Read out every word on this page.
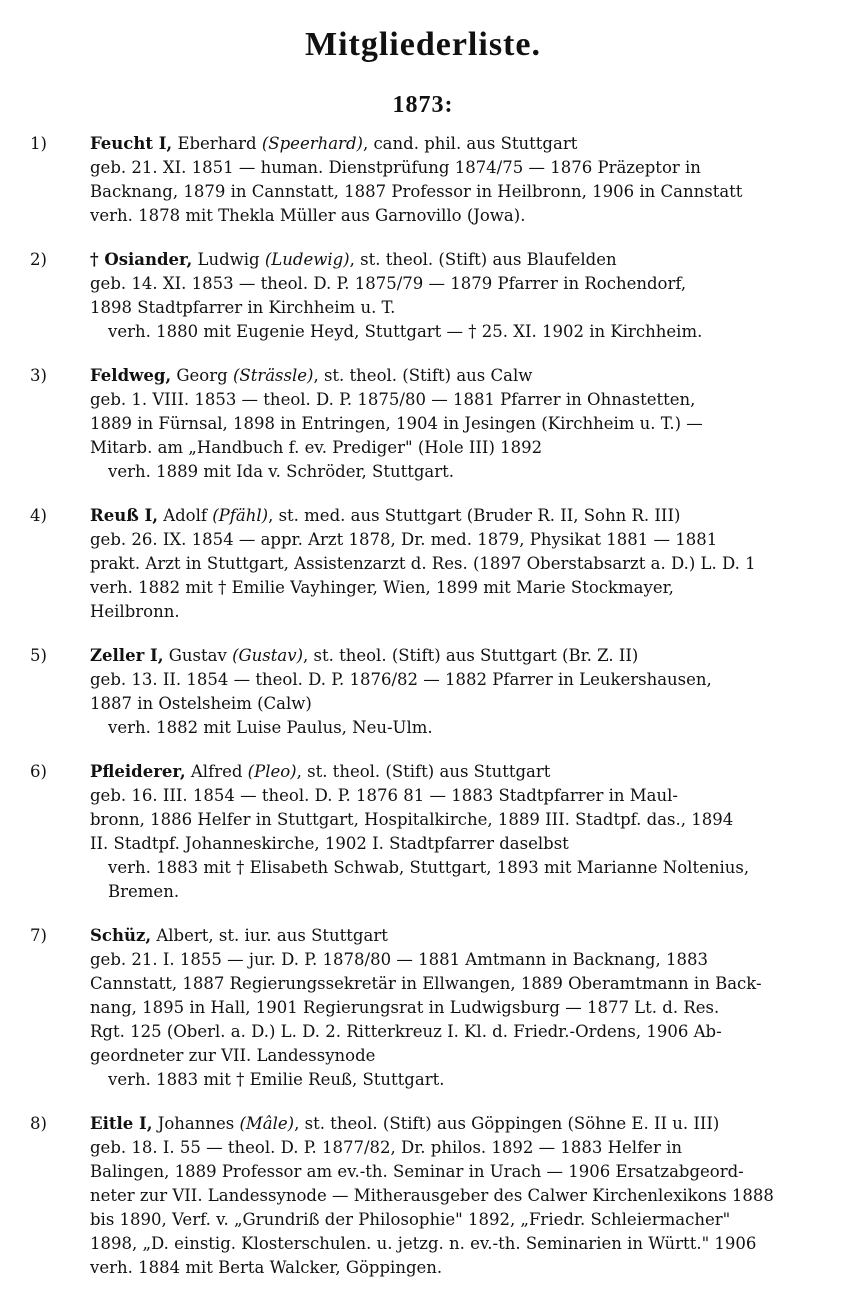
Mitgliederliste.
1873:
1)	Feucht I, Eberhard (Speerhard), cand. phil. aus Stuttgart
geb. 21. XI. 1851 — human. Dienstprüfung 1874/75 — 1876 Präzeptor in
Backnang, 1879 in Cannstatt, 1887 Professor in Heilbronn, 1906 in Cannstatt
verh. 1878 mit Thekla Müller aus Garnovillo (Jowa).
2)	† Osiander, Ludwig (Ludewig), st. theol. (Stift) aus Blaufelden
geb. 14. XI. 1853 — theol. D. P. 1875/79 — 1879 Pfarrer in Rochendorf,
1898 Stadtpfarrer in Kirchheim u. T.
verh. 1880 mit Eugenie Heyd, Stuttgart — † 25. XI. 1902 in Kirchheim.
3)	Feldweg, Georg (Strässle), st. theol. (Stift) aus Calw
geb. 1. VIII. 1853 — theol. D. P. 1875/80 — 1881 Pfarrer in Ohnastetten,
1889 in Fürnsal, 1898 in Entringen, 1904 in Jesingen (Kirchheim u. T.) —
Mitarb. am „Handbuch f. ev. Prediger" (Hole III) 1892
verh. 1889 mit Ida v. Schröder, Stuttgart.
4)	Reuß I, Adolf (Pfähl), st. med. aus Stuttgart (Bruder R. II, Sohn R. III)
geb. 26. IX. 1854 — appr. Arzt 1878, Dr. med. 1879, Physikat 1881 — 1881
prakt. Arzt in Stuttgart, Assistenzarzt d. Res. (1897 Oberstabsarzt a. D.) L. D. 1
verh. 1882 mit † Emilie Vayhinger, Wien, 1899 mit Marie Stockmayer,
Heilbronn.
5)	Zeller I, Gustav (Gustav), st. theol. (Stift) aus Stuttgart (Br. Z. II)
geb. 13. II. 1854 — theol. D. P. 1876/82 — 1882 Pfarrer in Leukershausen,
1887 in Ostelsheim (Calw)
verh. 1882 mit Luise Paulus, Neu-Ulm.
6)	Pfleiderer, Alfred (Pleo), st. theol. (Stift) aus Stuttgart
geb. 16. III. 1854 — theol. D. P. 1876 81 — 1883 Stadtpfarrer in Maul-
bronn, 1886 Helfer in Stuttgart, Hospitalkirche, 1889 III. Stadtpf. das., 1894
II. Stadtpf. Johanneskirche, 1902 I. Stadtpfarrer daselbst
verh. 1883 mit † Elisabeth Schwab, Stuttgart, 1893 mit Marianne Noltenius,
Bremen.
7)	Schüz, Albert, st. iur. aus Stuttgart
geb. 21. I. 1855 — jur. D. P. 1878/80 — 1881 Amtmann in Backnang, 1883
Cannstatt, 1887 Regierungssekretär in Ellwangen, 1889 Oberamtmann in Back-
nang, 1895 in Hall, 1901 Regierungsrat in Ludwigsburg — 1877 Lt. d. Res.
Rgt. 125 (Oberl. a. D.) L. D. 2. Ritterkreuz I. Kl. d. Friedr.-Ordens, 1906 Ab-
geordneter zur VII. Landessynode
verh. 1883 mit † Emilie Reuß, Stuttgart.
8)	Eitle I, Johannes (Mâle), st. theol. (Stift) aus Göppingen (Söhne E. II u. III)
geb. 18. I. 55 — theol. D. P. 1877/82, Dr. philos. 1892 — 1883 Helfer in
Balingen, 1889 Professor am ev.-th. Seminar in Urach — 1906 Ersatzabgeord-
neter zur VII. Landessynode — Mitherausgeber des Calwer Kirchenlexikons 1888
bis 1890, Verf. v. „Grundriß der Philosophie" 1892, „Friedr. Schleiermacher"
1898, „D. einstig. Klosterschulen. u. jetzg. n. ev.-th. Seminarien in Württ." 1906
verh. 1884 mit Berta Walcker, Göppingen.
